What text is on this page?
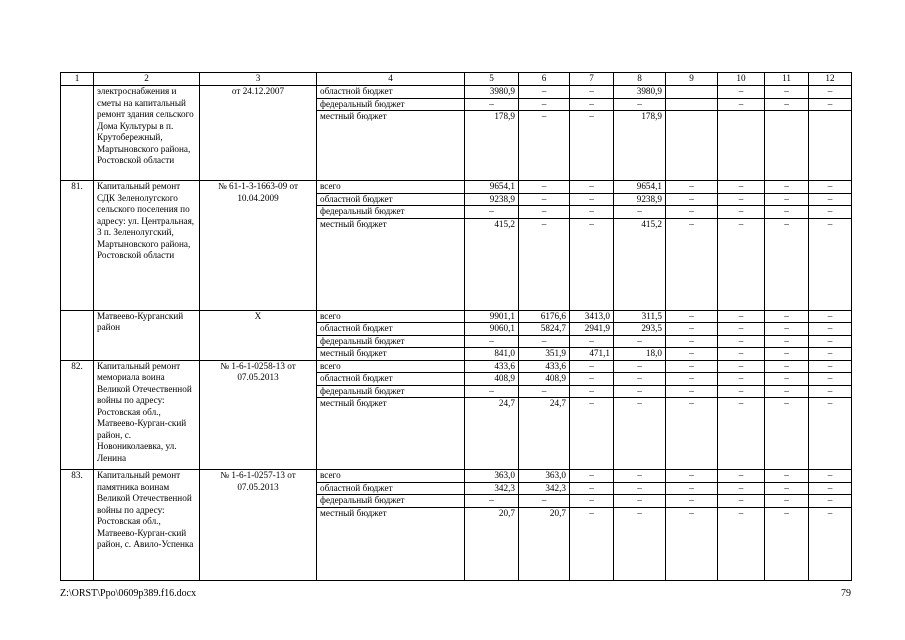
1	2	3	4	5	6	7	8	9	10	11	12
	электроснабжения и сметы на капитальный ремонт здания сельского Дома Культуры в п. Крутобережный, Мартыновского района, Ростовской области	от 24.12.2007	областной бюджет	3980,9	–	–	3980,9		–	–	–
			федеральный бюджет	–	–	–	–		–	–	–
			местный бюджет	178,9	–	–	178,9				
81.	Капитальный ремонт СДК Зеленолугского сельского поселения по адресу: ул. Центральная, 3 п. Зеленолугский, Мартыновского района, Ростовской области	№ 61-1-3-1663-09 от 10.04.2009	всего	9654,1	–	–	9654,1	–	–	–	–
			областной бюджет	9238,9	–	–	9238,9	–	–	–	–
			федеральный бюджет	–	–	–	–	–	–	–	–
			местный бюджет	415,2	–	–	415,2	–	–	–	–
	Матвеево-Курганский район	Х	всего	9901,1	6176,6	3413,0	311,5	–	–	–	–
			областной бюджет	9060,1	5824,7	2941,9	293,5	–	–	–	–
			федеральный бюджет	–	–	–	–	–	–	–	–
			местный бюджет	841,0	351,9	471,1	18,0	–	–	–	–
82.	Капитальный ремонт мемориала воина Великой Отечественной войны по адресу: Ростовская обл., Матвеево-Курган-ский район, с. Новониколаевка, ул. Ленина	№ 1-6-1-0258-13 от 07.05.2013	всего	433,6	433,6	–	–	–	–	–	–
			областной бюджет	408,9	408,9	–	–	–	–	–	–
			федеральный бюджет	–	–	–	–	–	–	–	–
			местный бюджет	24,7	24,7	–	–	–	–	–	–
83.	Капитальный ремонт памятника воинам Великой Отечественной войны по адресу: Ростовская обл., Матвеево-Курган-ский район, с. Авило-Успенка	№ 1-6-1-0257-13 от 07.05.2013	всего	363,0	363,0	–	–	–	–	–	–
			областной бюджет	342,3	342,3	–	–	–	–	–	–
			федеральный бюджет	–	–	–	–	–	–	–	–
			местный бюджет	20,7	20,7	–	–	–	–	–	–
Z:\ORST\Ppo\0609p389.f16.docx	79
